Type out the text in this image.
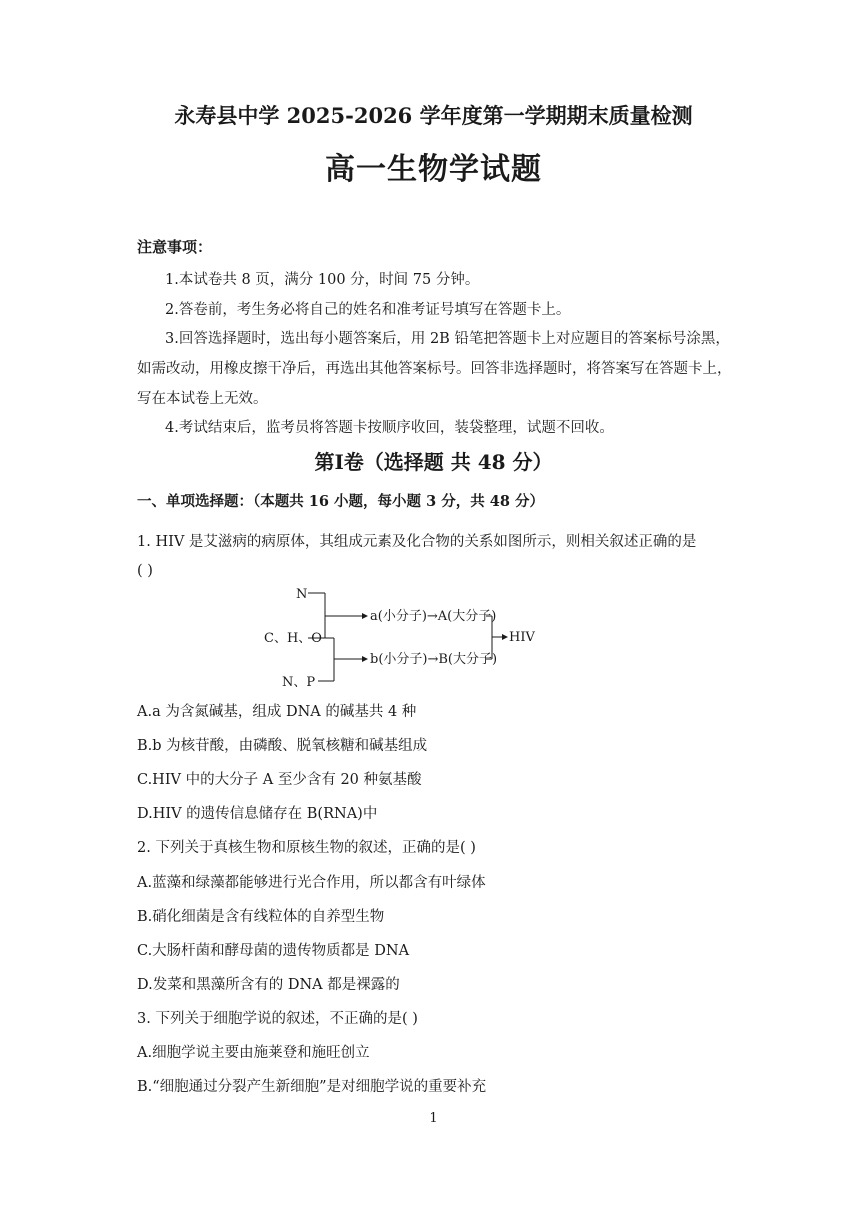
永寿县中学 2025-2026 学年度第一学期期末质量检测
高一生物学试题
注意事项：
1.本试卷共 8 页，满分 100 分，时间 75 分钟。
2.答卷前，考生务必将自己的姓名和准考证号填写在答题卡上。
3.回答选择题时，选出每小题答案后，用 2B 铅笔把答题卡上对应题目的答案标号涂黑，
如需改动，用橡皮擦干净后，再选出其他答案标号。回答非选择题时，将答案写在答题卡上，
写在本试卷上无效。
4.考试结束后，监考员将答题卡按顺序收回，装袋整理，试题不回收。
第Ⅰ卷（选择题 共 48 分）
一、单项选择题：（本题共 16 小题，每小题 3 分，共 48 分）
1. HIV 是艾滋病的病原体，其组成元素及化合物的关系如图所示，则相关叙述正确的是
( )
N
C、H、O
N、P
a(小分子)→A(大分子)
b(小分子)→B(大分子)
HIV
A.a 为含氮碱基，组成 DNA 的碱基共 4 种
B.b 为核苷酸，由磷酸、脱氧核糖和碱基组成
C.HIV 中的大分子 A 至少含有 20 种氨基酸
D.HIV 的遗传信息储存在 B(RNA)中
2. 下列关于真核生物和原核生物的叙述，正确的是( )
A.蓝藻和绿藻都能够进行光合作用，所以都含有叶绿体
B.硝化细菌是含有线粒体的自养型生物
C.大肠杆菌和酵母菌的遗传物质都是 DNA
D.发菜和黑藻所含有的 DNA 都是裸露的
3. 下列关于细胞学说的叙述，不正确的是( )
A.细胞学说主要由施莱登和施旺创立
B.“细胞通过分裂产生新细胞”是对细胞学说的重要补充
1
